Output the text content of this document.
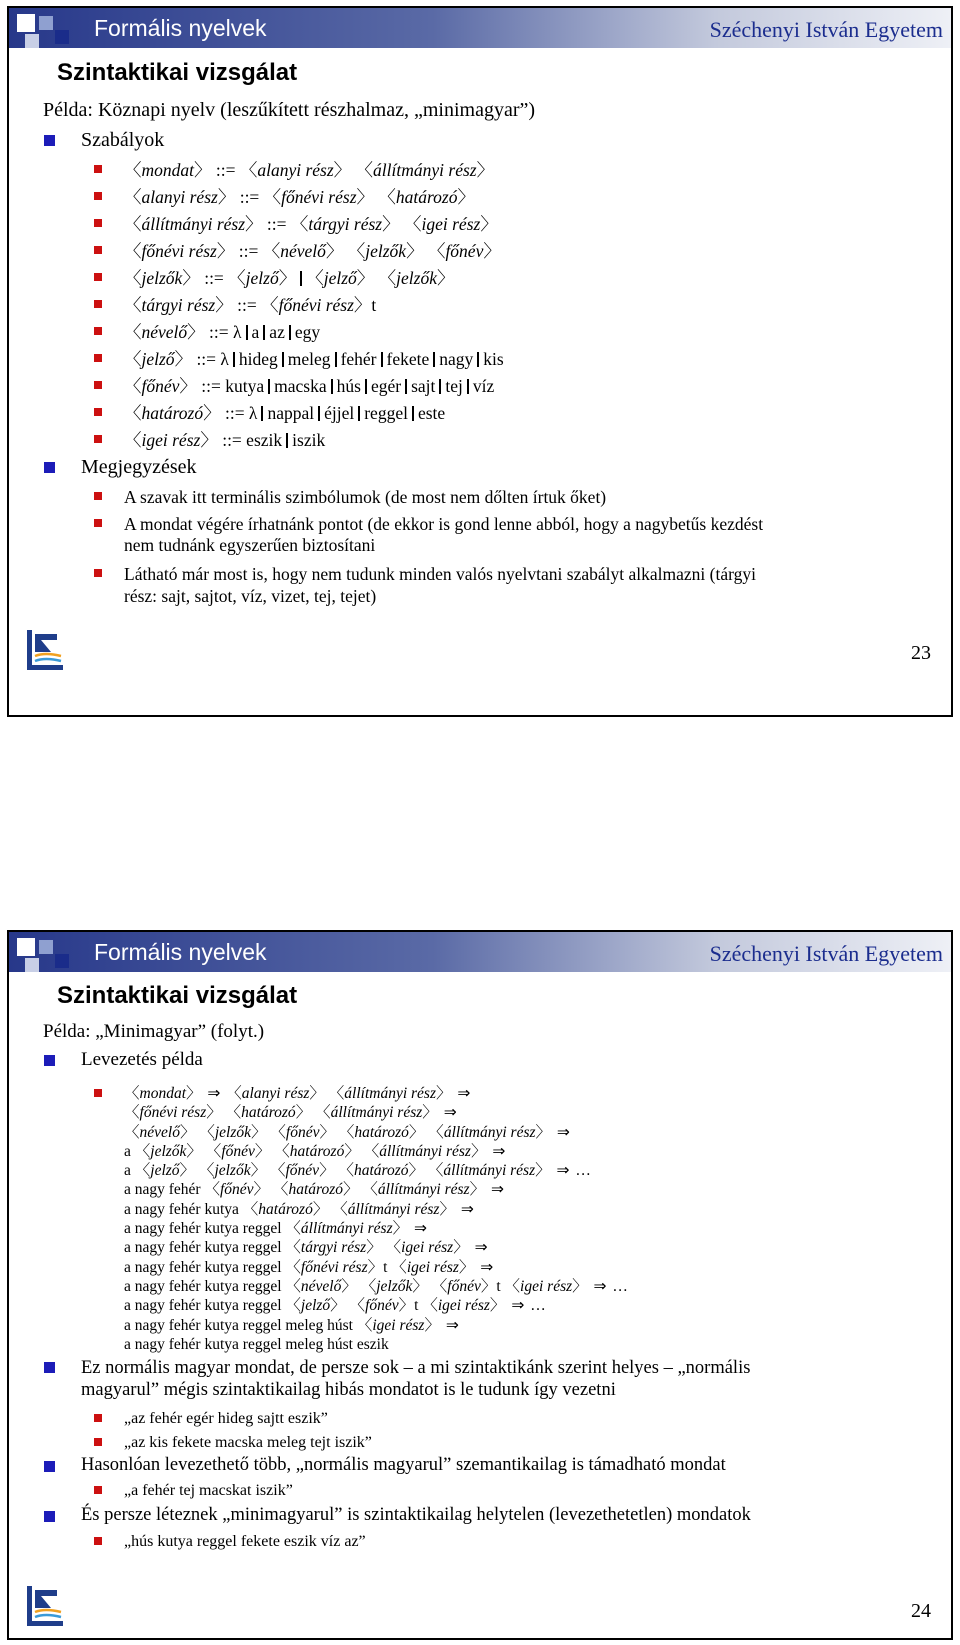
Formális nyelvek	Széchenyi István Egyetem
Szintaktikai vizsgálat
Példa: Köznapi nyelv (leszűkített részhalmaz, „minimagyar”)
Szabályok
〈mondat〉 ::= 〈alanyi rész〉 〈állítmányi rész〉
〈alanyi rész〉 ::= 〈főnévi rész〉 〈határozó〉
〈állítmányi rész〉 ::= 〈tárgyi rész〉 〈igei rész〉
〈főnévi rész〉 ::= 〈névelő〉 〈jelzők〉 〈főnév〉
〈jelzők〉 ::= 〈jelző〉 〈jelző〉 〈jelzők〉
〈tárgyi rész〉 ::= 〈főnévi rész〉t
〈névelő〉 ::= λ a az egy
〈jelző〉 ::= λ hideg meleg fehér fekete nagy kis
〈főnév〉 ::= kutya macska hús egér sajt tej víz
〈határozó〉 ::= λ nappal éjjel reggel este
〈igei rész〉 ::= eszik iszik
Megjegyzések
A szavak itt terminális szimbólumok (de most nem dőlten írtuk őket)
A mondat végére írhatnánk pontot (de ekkor is gond lenne abból, hogy a nagybetűs kezdést
nem tudnánk egyszerűen biztosítani
Látható már most is, hogy nem tudunk minden valós nyelvtani szabályt alkalmazni (tárgyi
rész: sajt, sajtot, víz, vizet, tej, tejet)
23
Formális nyelvek	Széchenyi István Egyetem
Szintaktikai vizsgálat
Példa: „Minimagyar” (folyt.)
Levezetés példa
〈mondat〉 ⇒ 〈alanyi rész〉 〈állítmányi rész〉 ⇒
〈főnévi rész〉 〈határozó〉 〈állítmányi rész〉 ⇒
〈névelő〉 〈jelzők〉 〈főnév〉 〈határozó〉 〈állítmányi rész〉 ⇒
a 〈jelzők〉 〈főnév〉 〈határozó〉 〈állítmányi rész〉 ⇒
a 〈jelző〉 〈jelzők〉 〈főnév〉 〈határozó〉 〈állítmányi rész〉 ⇒ …
a nagy fehér 〈főnév〉 〈határozó〉 〈állítmányi rész〉 ⇒
a nagy fehér kutya 〈határozó〉 〈állítmányi rész〉 ⇒
a nagy fehér kutya reggel 〈állítmányi rész〉 ⇒
a nagy fehér kutya reggel 〈tárgyi rész〉 〈igei rész〉 ⇒
a nagy fehér kutya reggel 〈főnévi rész〉t 〈igei rész〉 ⇒
a nagy fehér kutya reggel 〈névelő〉 〈jelzők〉 〈főnév〉t 〈igei rész〉 ⇒ …
a nagy fehér kutya reggel 〈jelző〉 〈főnév〉t 〈igei rész〉 ⇒ …
a nagy fehér kutya reggel meleg húst 〈igei rész〉 ⇒
a nagy fehér kutya reggel meleg húst eszik
Ez normális magyar mondat, de persze sok – a mi szintaktikánk szerint helyes – „normális
magyarul” mégis szintaktikailag hibás mondatot is le tudunk így vezetni
„az fehér egér hideg sajtt eszik”
„az kis fekete macska meleg tejt iszik”
Hasonlóan levezethető több, „normális magyarul” szemantikailag is támadható mondat
„a fehér tej macskat iszik”
És persze léteznek „minimagyarul” is szintaktikailag helytelen (levezethetetlen) mondatok
„hús kutya reggel fekete eszik víz az”
24
